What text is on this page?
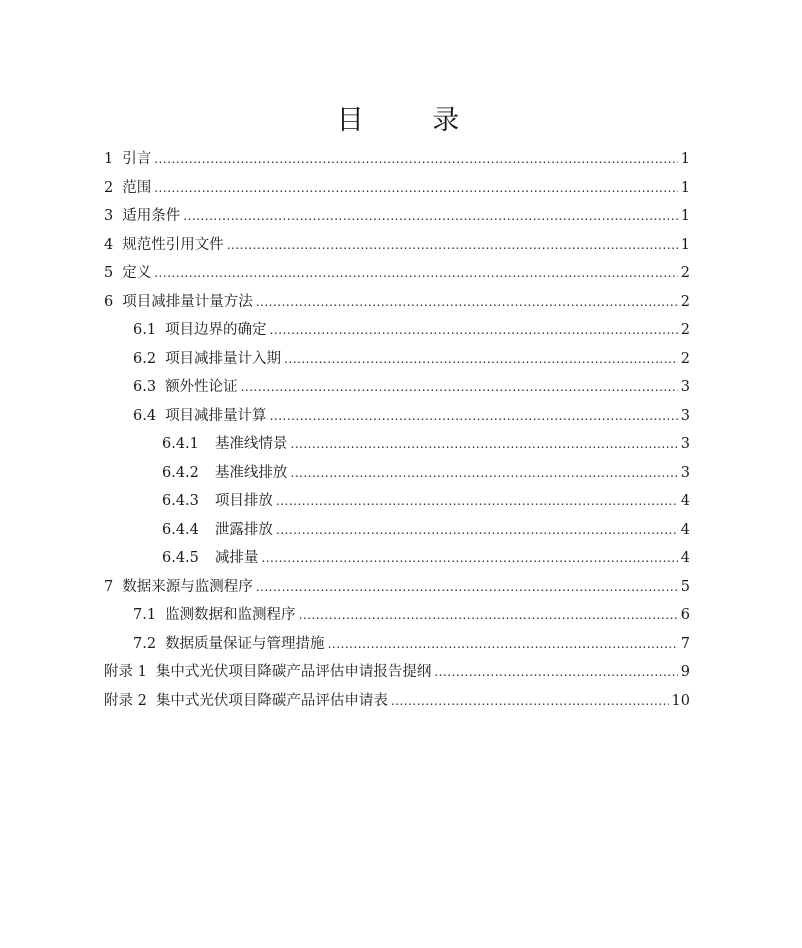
目 录
1 引言 .....	1
2 范围 .....	1
3 适用条件 .....	1
4 规范性引用文件 .....	1
5 定义 .....	2
6 项目减排量计量方法 .....	2
6.1 项目边界的确定 .....	2
6.2 项目减排量计入期 .....	2
6.3 额外性论证 .....	3
6.4 项目减排量计算 .....	3
6.4.1 基准线情景 .....	3
6.4.2 基准线排放 .....	3
6.4.3 项目排放 .....	4
6.4.4 泄露排放 .....	4
6.4.5 减排量 .....	4
7 数据来源与监测程序 .....	5
7.1 监测数据和监测程序 .....	6
7.2 数据质量保证与管理措施 .....	7
附录 1 集中式光伏项目降碳产品评估申请报告提纲 .....	9
附录 2 集中式光伏项目降碳产品评估申请表 .....	10
